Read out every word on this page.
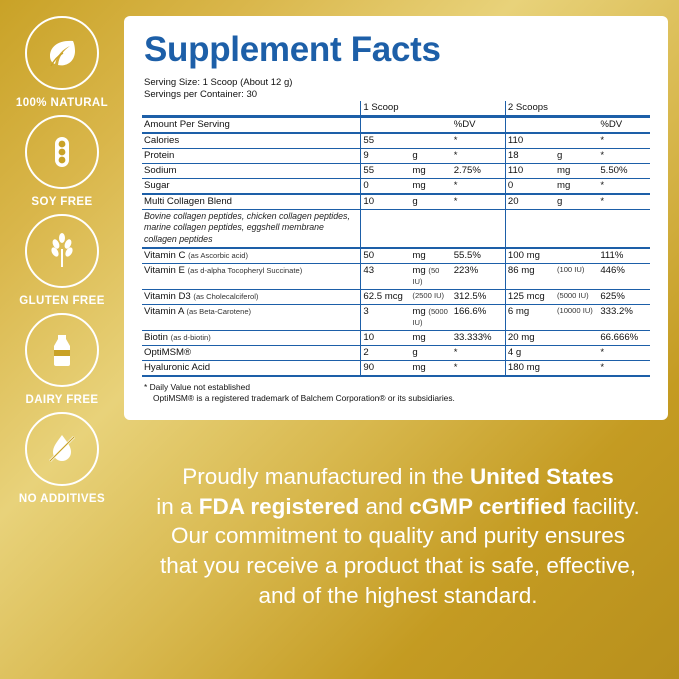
100% NATURAL
SOY FREE
GLUTEN FREE
DAIRY FREE
NO ADDITIVES
Supplement Facts
Serving Size: 1 Scoop (About 12 g)
Servings per Container: 30
	1 Scoop			2 Scoops		
Amount Per Serving			%DV			%DV
Calories	55		*	110		*
Protein	9	g	*	18	g	*
Sodium	55	mg	2.75%	110	mg	5.50%
Sugar	0	mg	*	0	mg	*
Multi Collagen Blend	10	g	*	20	g	*
Bovine collagen peptides, chicken collagen peptides, marine collagen peptides, eggshell membrane collagen peptides						
Vitamin C (as Ascorbic acid)	50	mg	55.5%	100 mg		111%
Vitamin E (as d-alpha Tocopheryl Succinate)	43	mg (50 IU)	223%	86 mg	(100 IU)	446%
Vitamin D3 (as Cholecalciferol)	62.5 mcg	(2500 IU)	312.5%	125 mcg	(5000 IU)	625%
Vitamin A (as Beta-Carotene)	3	mg (5000 IU)	166.6%	6 mg	(10000 IU)	333.2%
Biotin (as d-biotin)	10	mg	33.333%	20 mg		66.666%
OptiMSM®	2	g	*	4 g		*
Hyaluronic Acid	90	mg	*	180 mg		*

* Daily Value not established
OptiMSM® is a registered trademark of Balchem Corporation® or its subsidiaries.
Proudly manufactured in the United States
in a FDA registered and cGMP certified facility.
Our commitment to quality and purity ensures
that you receive a product that is safe, effective,
and of the highest standard.
